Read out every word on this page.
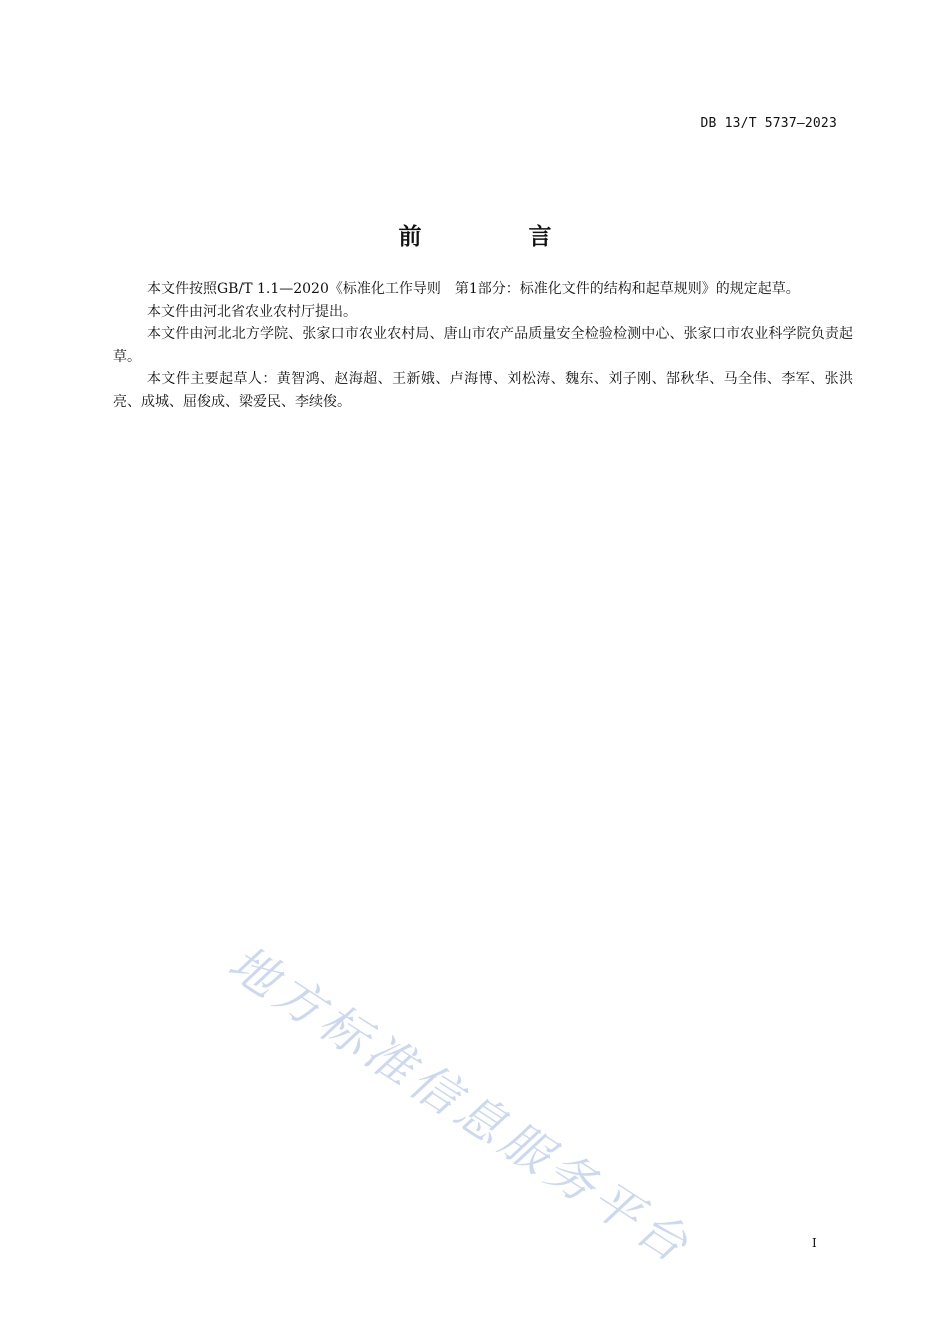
DB 13/T 5737—2023
前　言

本文件按照GB/T 1.1—2020《标准化工作导则　第1部分：标准化文件的结构和起草规则》的规定起草。

本文件由河北省农业农村厅提出。

本文件由河北北方学院、张家口市农业农村局、唐山市农产品质量安全检验检测中心、张家口市农业科学院负责起草。

本文件主要起草人：黄智鸿、赵海超、王新娥、卢海博、刘松涛、魏东、刘子刚、郜秋华、马全伟、李军、张洪亮、成城、屈俊成、梁爱民、李续俊。

地方标准信息服务平台	I
